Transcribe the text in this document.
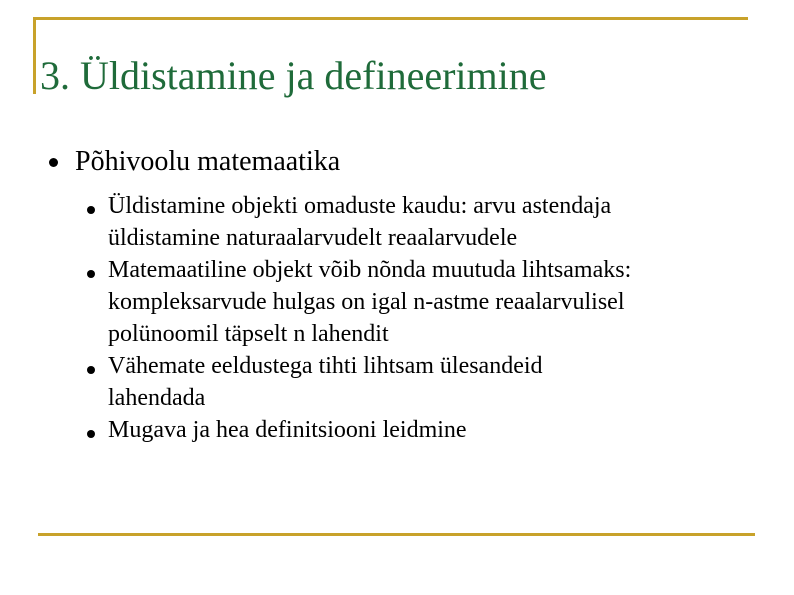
3. Üldistamine ja defineerimine
Põhivoolu matemaatika
Üldistamine objekti omaduste kaudu: arvu astendaja
üldistamine naturaalarvudelt reaalarvudele
Matemaatiline objekt võib nõnda muutuda lihtsamaks:
kompleksarvude hulgas on igal n-astme reaalarvulisel
polünoomil täpselt n lahendit
Vähemate eeldustega tihti lihtsam ülesandeid
lahendada
Mugava ja hea definitsiooni leidmine
